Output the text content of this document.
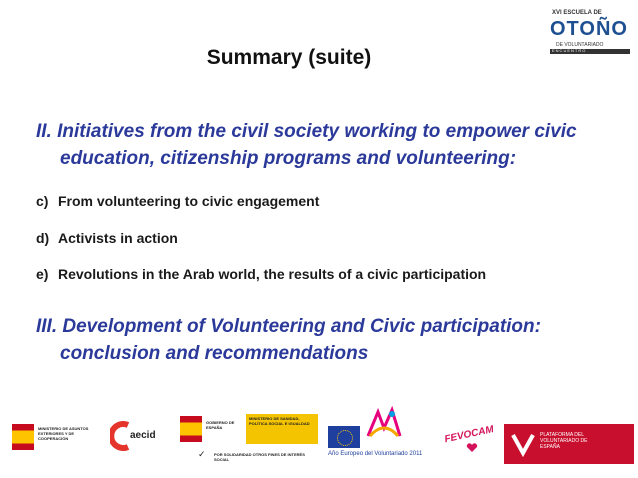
XVI ESCUELA DE
OTOÑO
DE VOLUNTARIADO
ENCUENTRO INTERNACIONAL
Summary (suite)
II. Initiatives from the civil society working to empower civic
education, citizenship programs and volunteering:
c) From volunteering to civic engagement
d) Activists in action
e) Revolutions in the Arab world, the results of a civic participation
III. Development of Volunteering and Civic participation:
conclusion and recommendations
MINISTERIO DE ASUNTOS EXTERIORES Y DE COOPERACIÓN	aecid
GOBIERNO DE ESPAÑA
MINISTERIO DE SANIDAD, POLÍTICA SOCIAL E IGUALDAD
✓ POR SOLIDARIDAD OTROS FINES DE INTERÉS SOCIAL
Año Europeo del Voluntariado 2011
FEVOCAM	PLATAFORMA DEL VOLUNTARIADO DE ESPAÑA
